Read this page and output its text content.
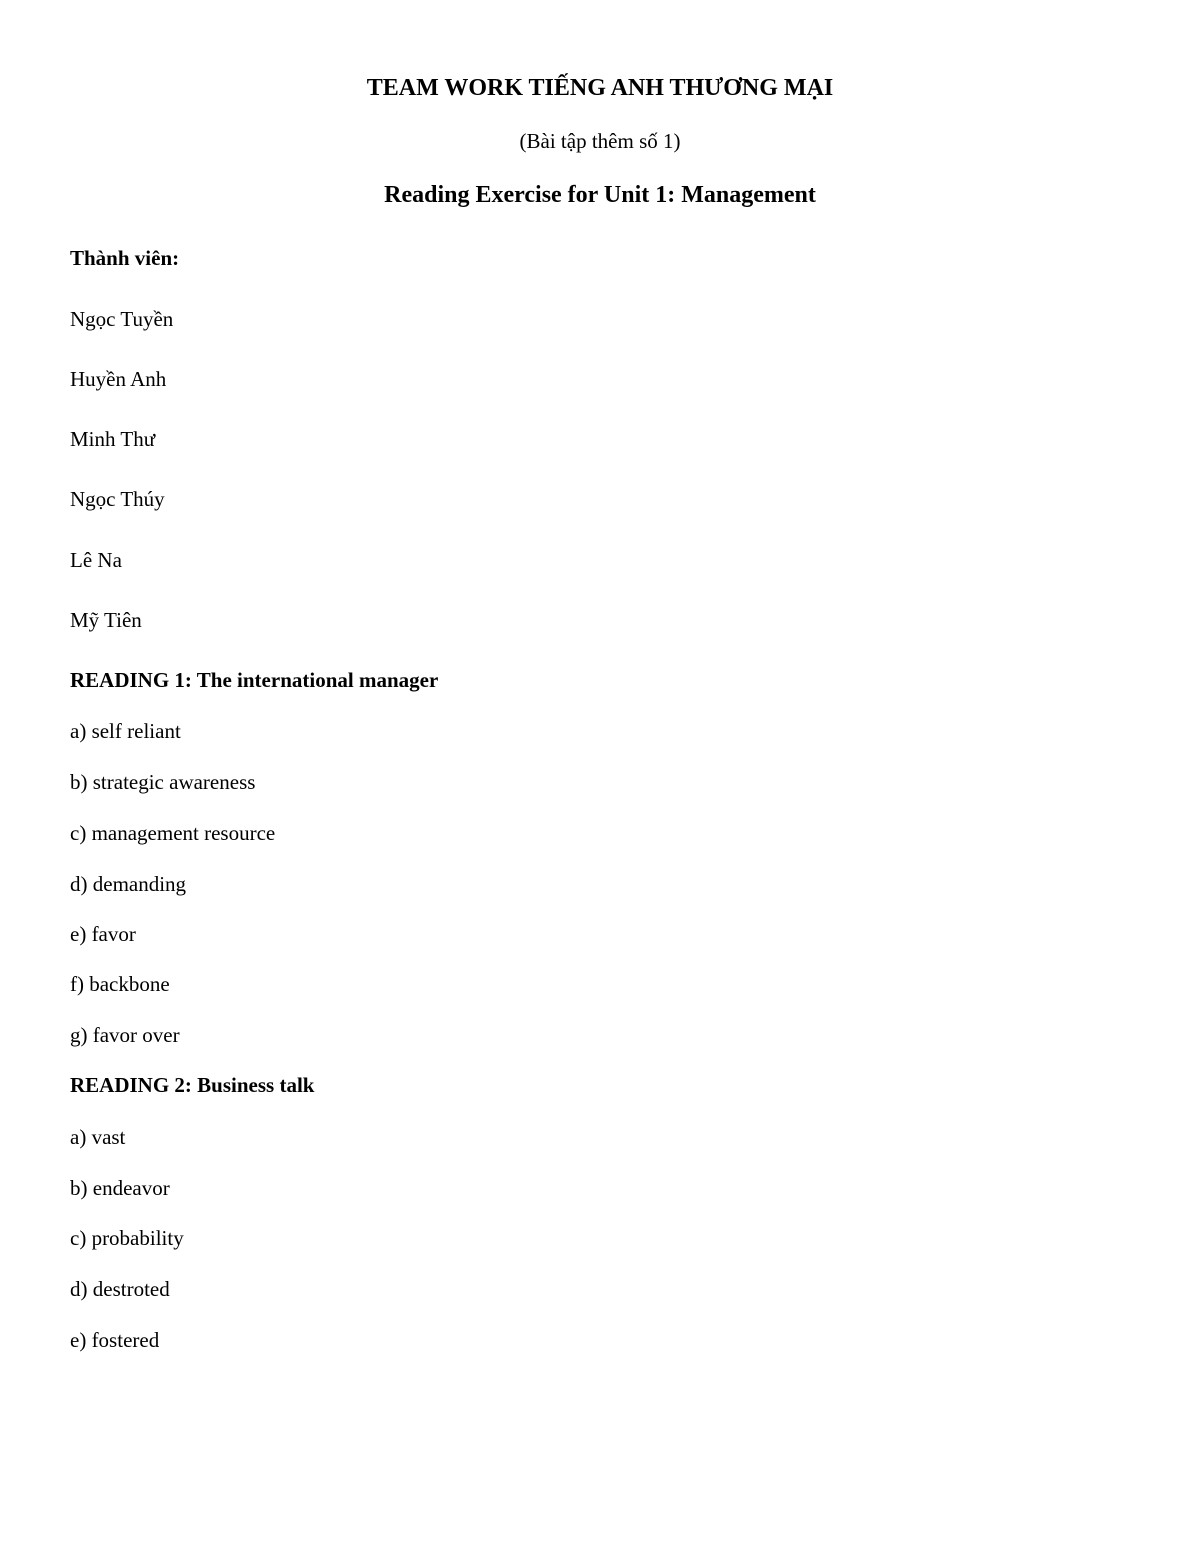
TEAM WORK TIẾNG ANH THƯƠNG MẠI
(Bài tập thêm số 1)
Reading Exercise for Unit 1: Management
Thành viên:
Ngọc Tuyền
Huyền Anh
Minh Thư
Ngọc Thúy
Lê Na
Mỹ Tiên
READING 1: The international manager
a) self reliant
b) strategic awareness
c) management resource
d) demanding
e) favor
f) backbone
g) favor over
READING 2: Business talk
a) vast
b) endeavor
c) probability
d) destroted
e) fostered
